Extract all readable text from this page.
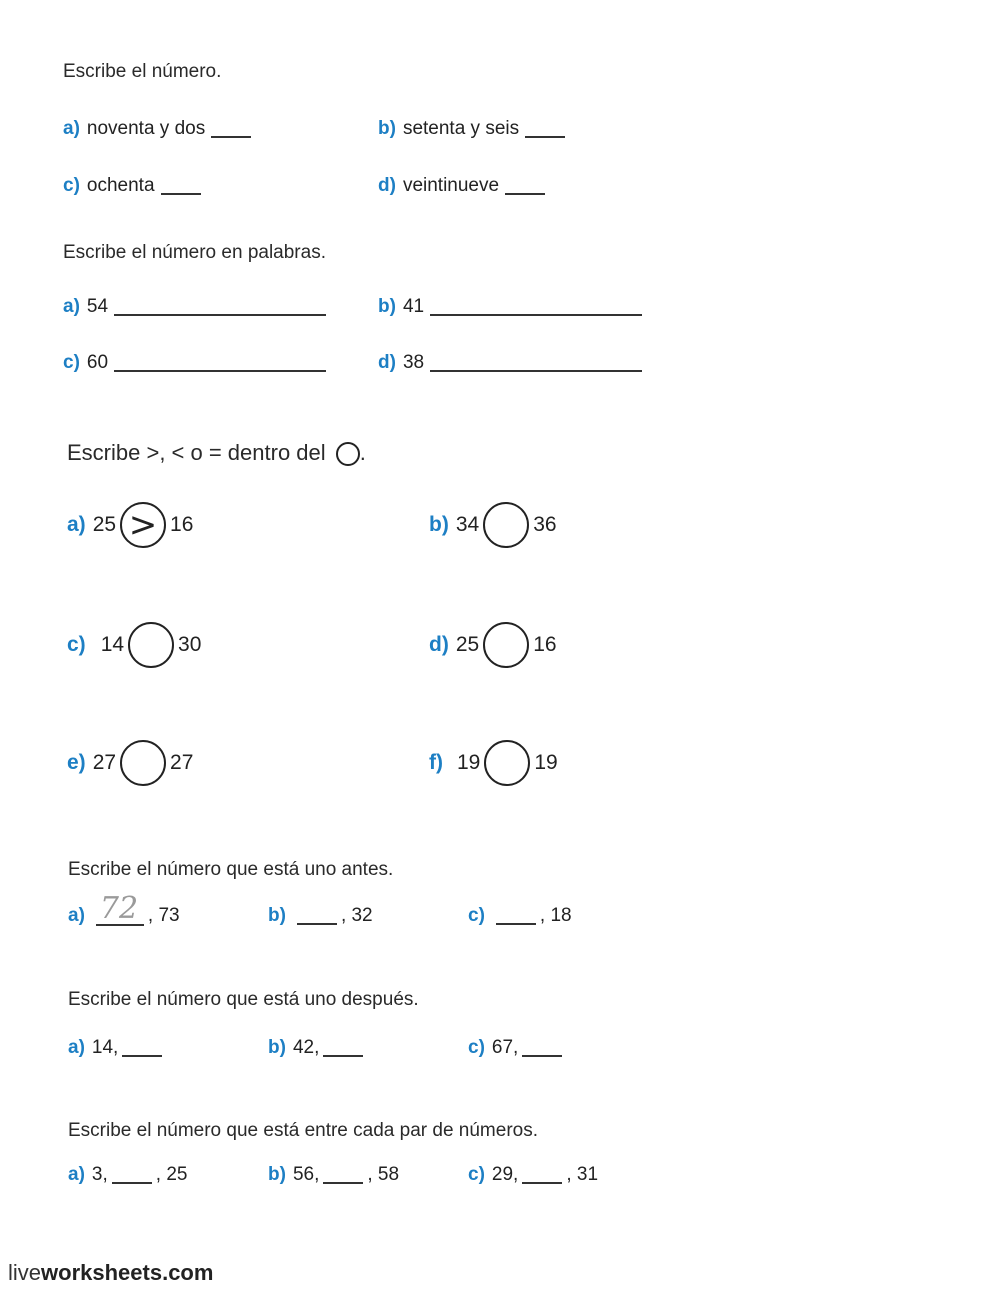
Escribe el número.
a) noventa y dos	b) setenta y seis
c) ochenta	d) veintinueve
Escribe el número en palabras.
a) 54	b) 41
c) 60	d) 38
Escribe >, < o = dentro del .
a) 25 > 16	b) 34	36
c) 14	30	d) 25	16
e) 27	27	f) 19	19
Escribe el número que está uno antes.
a) 72 , 73	b)	, 32	c)	, 18
Escribe el número que está uno después.
a) 14,	b) 42,	c) 67,
Escribe el número que está entre cada par de números.
a) 3,	, 25	b) 56,	, 58	c) 29,	, 31
liveworksheets.com
